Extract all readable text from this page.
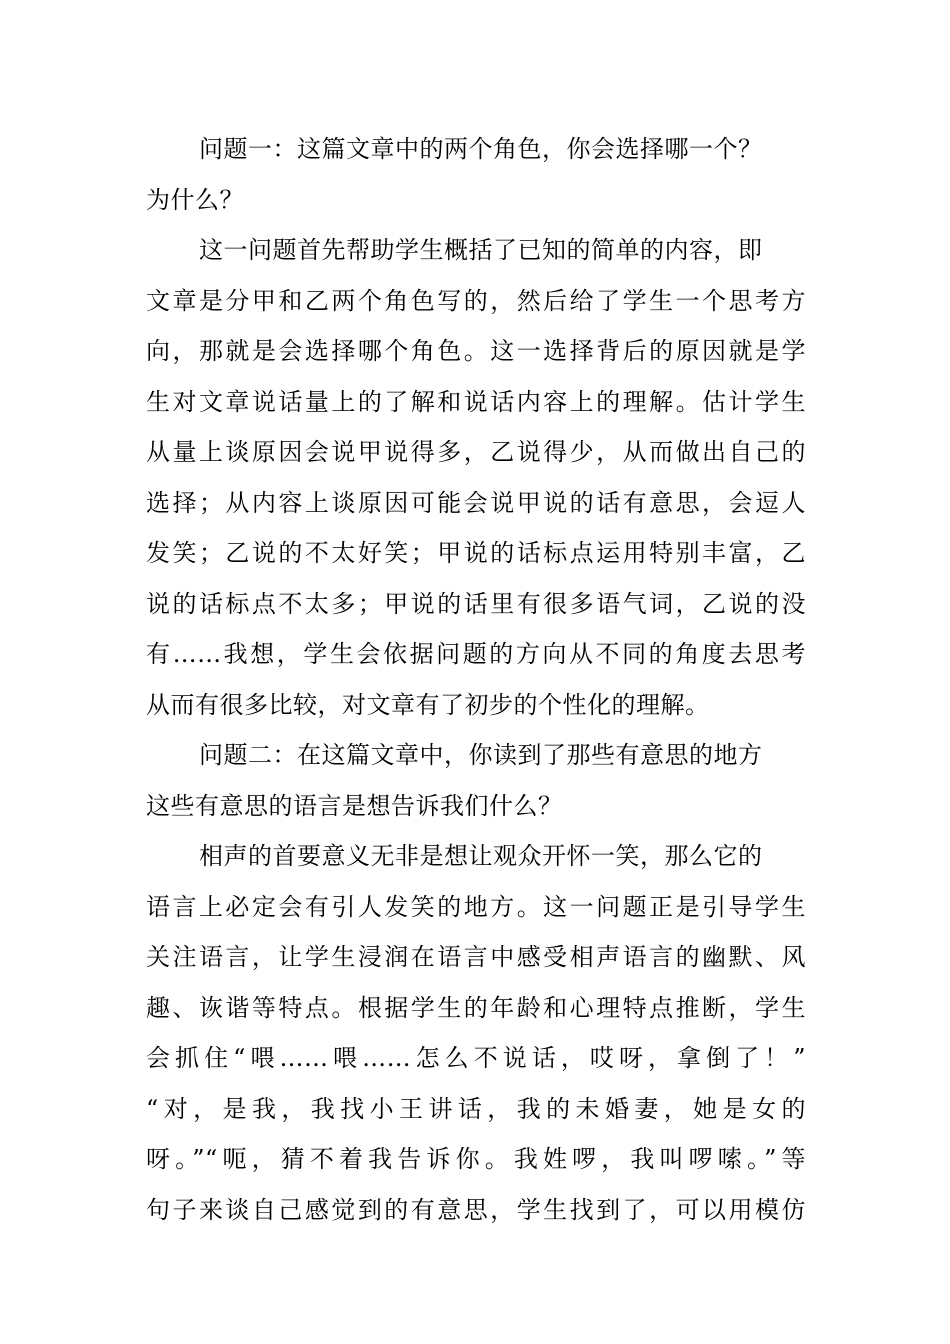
问题一：这篇文章中的两个角色，你会选择哪一个？
为什么？
这一问题首先帮助学生概括了已知的简单的内容，即
文章是分甲和乙两个角色写的，然后给了学生一个思考方
向，那就是会选择哪个角色。这一选择背后的原因就是学
生对文章说话量上的了解和说话内容上的理解。估计学生
从量上谈原因会说甲说得多，乙说得少，从而做出自己的
选择；从内容上谈原因可能会说甲说的话有意思，会逗人
发笑；乙说的不太好笑；甲说的话标点运用特别丰富，乙
说的话标点不太多；甲说的话里有很多语气词，乙说的没
有……我想，学生会依据问题的方向从不同的角度去思考
从而有很多比较，对文章有了初步的个性化的理解。
问题二：在这篇文章中，你读到了那些有意思的地方
这些有意思的语言是想告诉我们什么？
相声的首要意义无非是想让观众开怀一笑，那么它的
语言上必定会有引人发笑的地方。这一问题正是引导学生
关注语言，让学生浸润在语言中感受相声语言的幽默、风
趣、诙谐等特点。根据学生的年龄和心理特点推断，学生
会抓住“喂……喂……怎么不说话，哎呀，拿倒了！”
“对，是我，我找小王讲话，我的未婚妻，她是女的
呀。”“呃，猜不着我告诉你。我姓啰，我叫啰嗦。”等
句子来谈自己感觉到的有意思，学生找到了，可以用模仿
